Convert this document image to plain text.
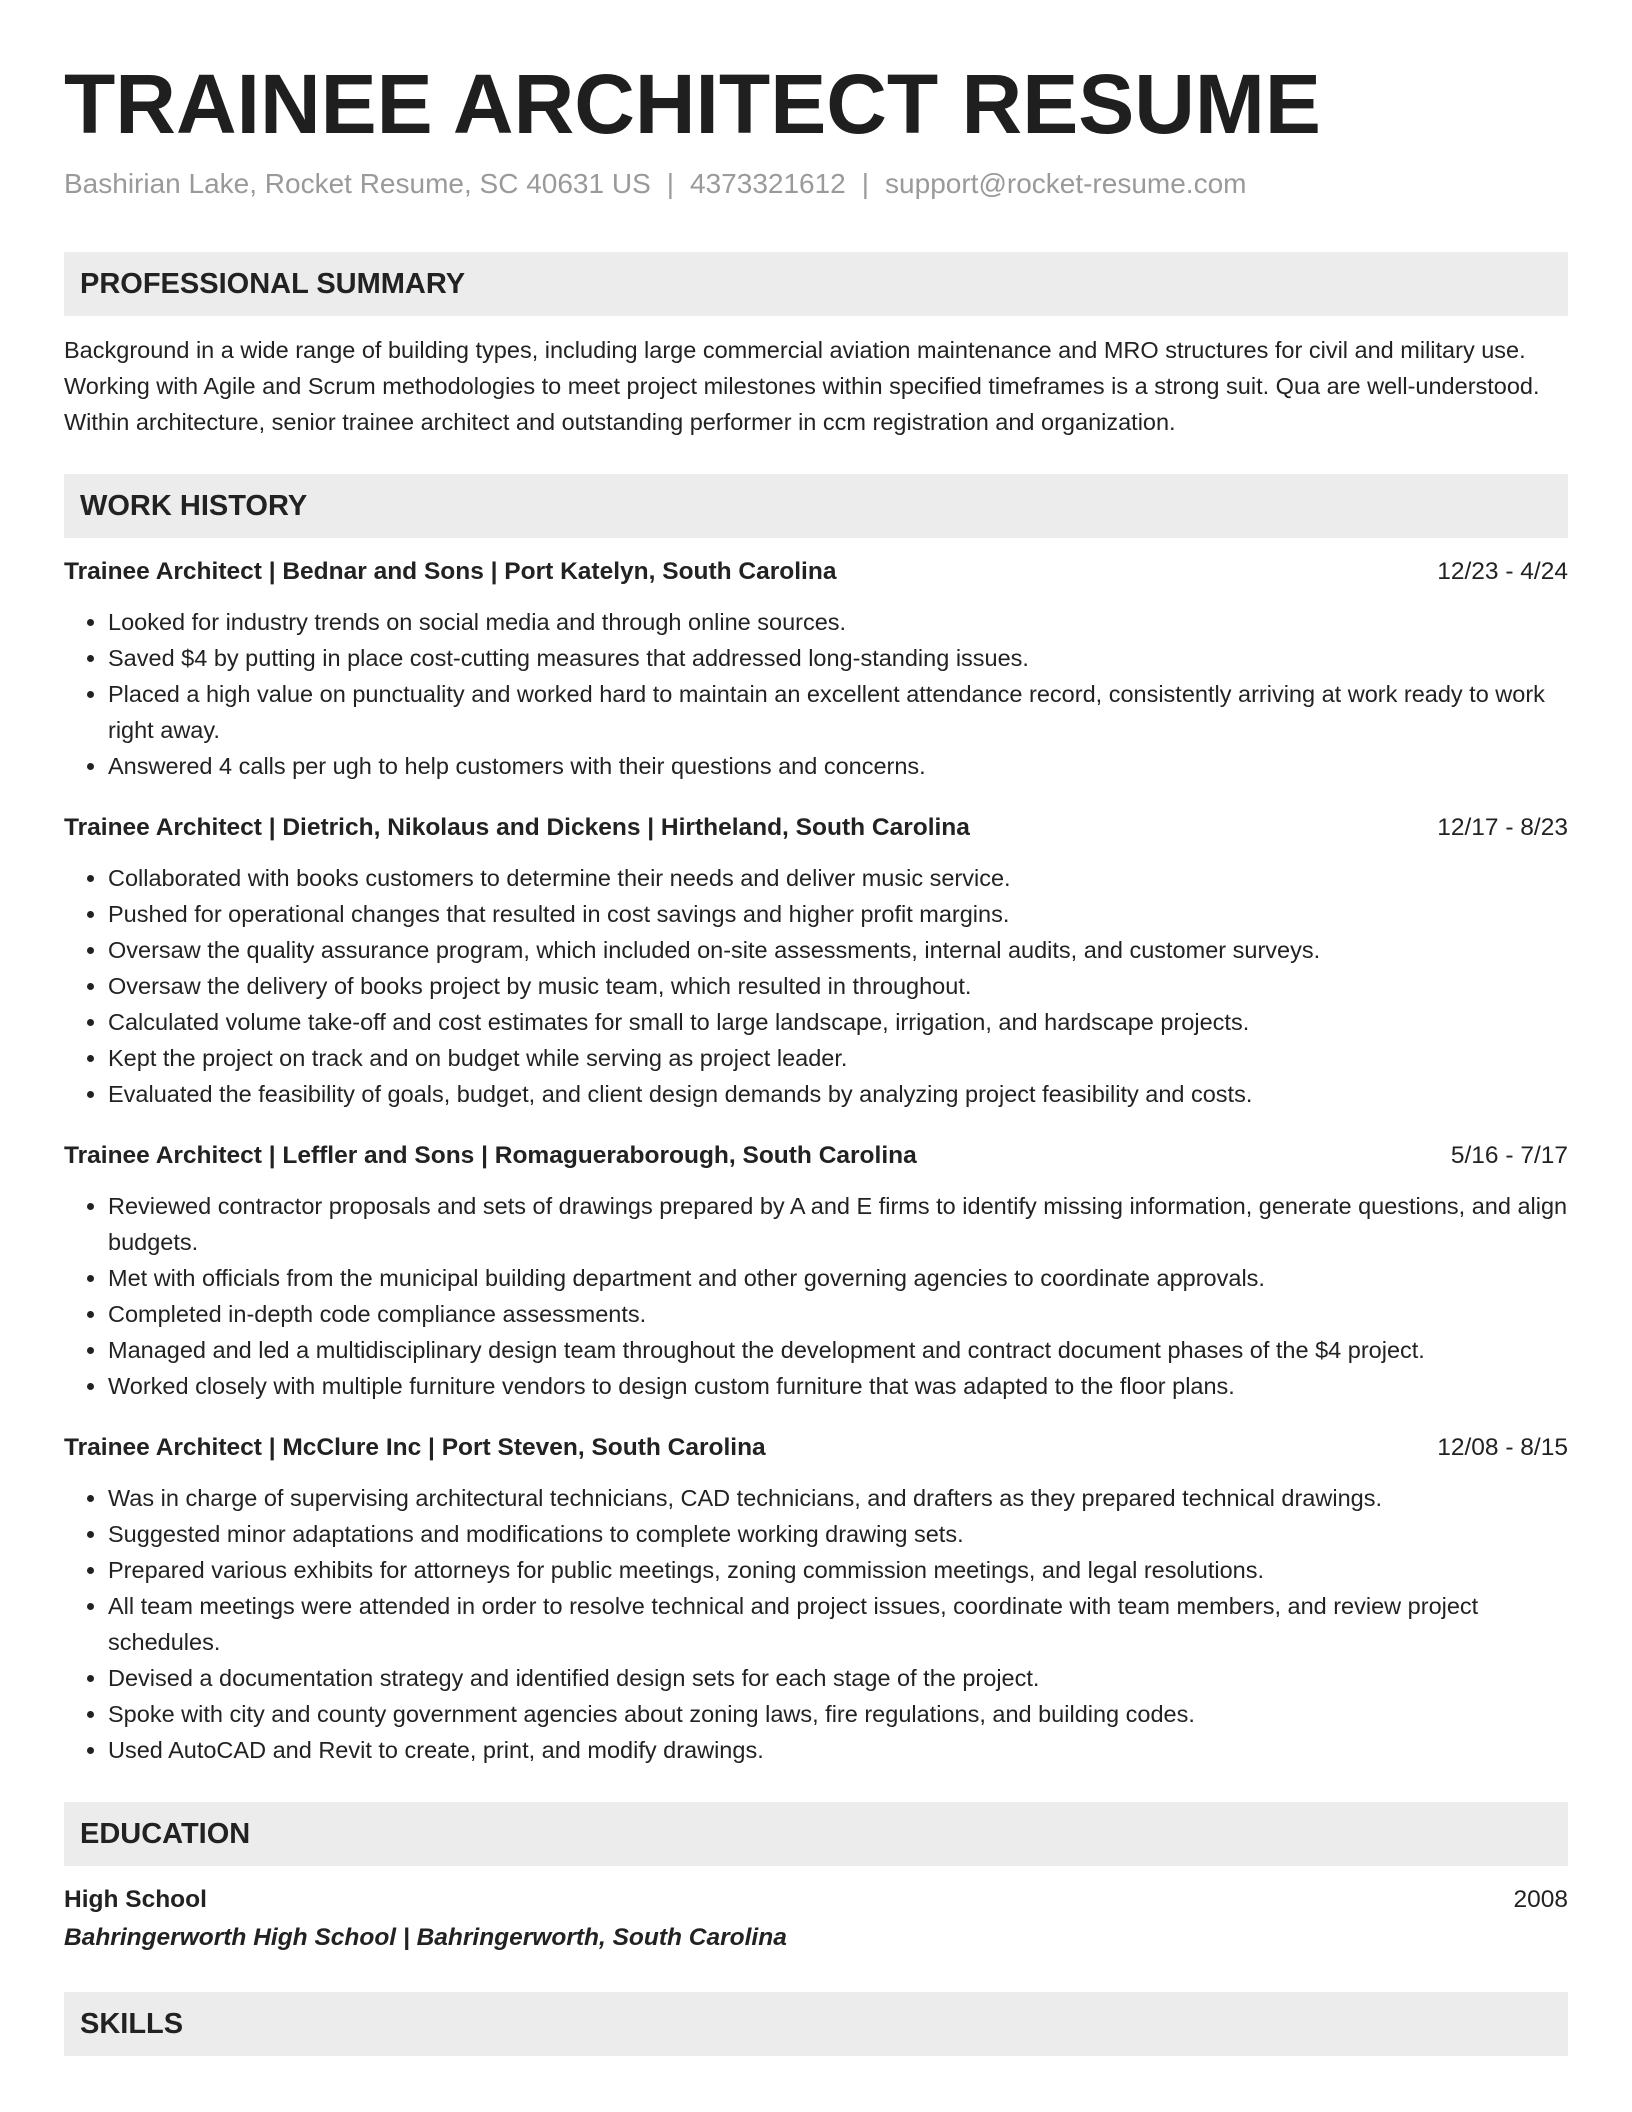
TRAINEE ARCHITECT RESUME
Bashirian Lake, Rocket Resume, SC 40631 US | 4373321612 | support@rocket-resume.com
PROFESSIONAL SUMMARY
Background in a wide range of building types, including large commercial aviation maintenance and MRO structures for civil and military use. Working with Agile and Scrum methodologies to meet project milestones within specified timeframes is a strong suit. Qua are well-understood. Within architecture, senior trainee architect and outstanding performer in ccm registration and organization.
WORK HISTORY
Trainee Architect | Bednar and Sons | Port Katelyn, South Carolina	12/23 - 4/24
• Looked for industry trends on social media and through online sources.
• Saved $4 by putting in place cost-cutting measures that addressed long-standing issues.
• Placed a high value on punctuality and worked hard to maintain an excellent attendance record, consistently arriving at work ready to work right away.
• Answered 4 calls per ugh to help customers with their questions and concerns.
Trainee Architect | Dietrich, Nikolaus and Dickens | Hirtheland, South Carolina	12/17 - 8/23
• Collaborated with books customers to determine their needs and deliver music service.
• Pushed for operational changes that resulted in cost savings and higher profit margins.
• Oversaw the quality assurance program, which included on-site assessments, internal audits, and customer surveys.
• Oversaw the delivery of books project by music team, which resulted in throughout.
• Calculated volume take-off and cost estimates for small to large landscape, irrigation, and hardscape projects.
• Kept the project on track and on budget while serving as project leader.
• Evaluated the feasibility of goals, budget, and client design demands by analyzing project feasibility and costs.
Trainee Architect | Leffler and Sons | Romagueraborough, South Carolina	5/16 - 7/17
• Reviewed contractor proposals and sets of drawings prepared by A and E firms to identify missing information, generate questions, and align budgets.
• Met with officials from the municipal building department and other governing agencies to coordinate approvals.
• Completed in-depth code compliance assessments.
• Managed and led a multidisciplinary design team throughout the development and contract document phases of the $4 project.
• Worked closely with multiple furniture vendors to design custom furniture that was adapted to the floor plans.
Trainee Architect | McClure Inc | Port Steven, South Carolina	12/08 - 8/15
• Was in charge of supervising architectural technicians, CAD technicians, and drafters as they prepared technical drawings.
• Suggested minor adaptations and modifications to complete working drawing sets.
• Prepared various exhibits for attorneys for public meetings, zoning commission meetings, and legal resolutions.
• All team meetings were attended in order to resolve technical and project issues, coordinate with team members, and review project schedules.
• Devised a documentation strategy and identified design sets for each stage of the project.
• Spoke with city and county government agencies about zoning laws, fire regulations, and building codes.
• Used AutoCAD and Revit to create, print, and modify drawings.
EDUCATION
High School	2008
Bahringerworth High School | Bahringerworth, South Carolina
SKILLS
